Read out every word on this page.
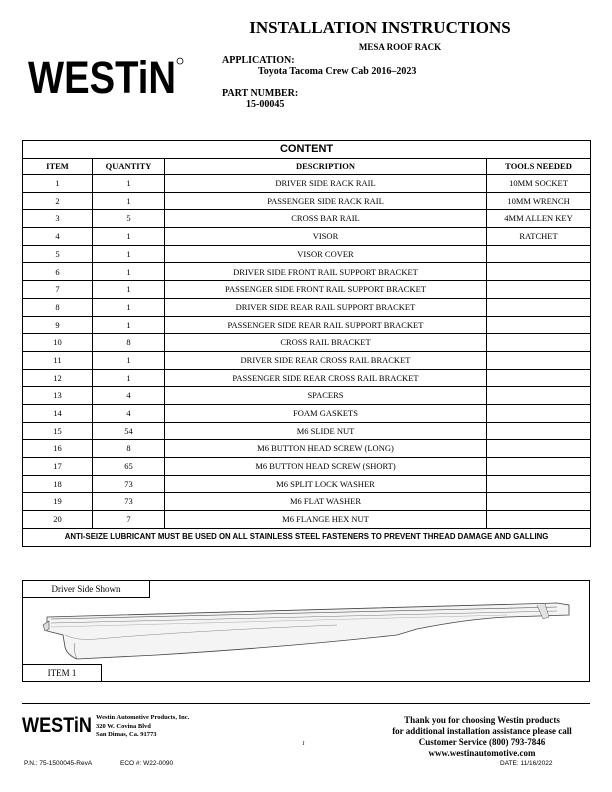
WESTiN
INSTALLATION INSTRUCTIONS
MESA ROOF RACK
APPLICATION:
Toyota Tacoma Crew Cab 2016–2023
PART NUMBER:
15-00045
CONTENT			
ITEM	QUANTITY	DESCRIPTION	TOOLS NEEDED
1	1	DRIVER SIDE RACK RAIL	10MM SOCKET
2	1	PASSENGER SIDE RACK RAIL	10MM WRENCH
3	5	CROSS BAR RAIL	4MM ALLEN KEY
4	1	VISOR	RATCHET
5	1	VISOR COVER	
6	1	DRIVER SIDE FRONT RAIL SUPPORT BRACKET	
7	1	PASSENGER SIDE FRONT RAIL SUPPORT BRACKET	
8	1	DRIVER SIDE REAR RAIL SUPPORT BRACKET	
9	1	PASSENGER SIDE REAR RAIL SUPPORT BRACKET	
10	8	CROSS RAIL BRACKET	
11	1	DRIVER SIDE REAR CROSS RAIL BRACKET	
12	1	PASSENGER SIDE REAR CROSS RAIL BRACKET	
13	4	SPACERS	
14	4	FOAM GASKETS	
15	54	M6 SLIDE NUT	
16	8	M6 BUTTON HEAD SCREW (LONG)	
17	65	M6 BUTTON HEAD SCREW (SHORT)	
18	73	M6 SPLIT LOCK WASHER	
19	73	M6 FLAT WASHER	
20	7	M6 FLANGE HEX NUT	
ANTI-SEIZE LUBRICANT MUST BE USED ON ALL STAINLESS STEEL FASTENERS TO PREVENT THREAD DAMAGE AND GALLING			
Driver Side Shown
ITEM 1
WESTiN Westin Automotive Products, Inc.
320 W. Covina Blvd
San Dimas, Ca. 91773
1
Thank you for choosing Westin products
for additional installation assistance please call
Customer Service (800) 793-7846
www.westinautomotive.com
P.N.: 75-1500045-RevA	ECO #: W22-0090	DATE: 11/16/2022
